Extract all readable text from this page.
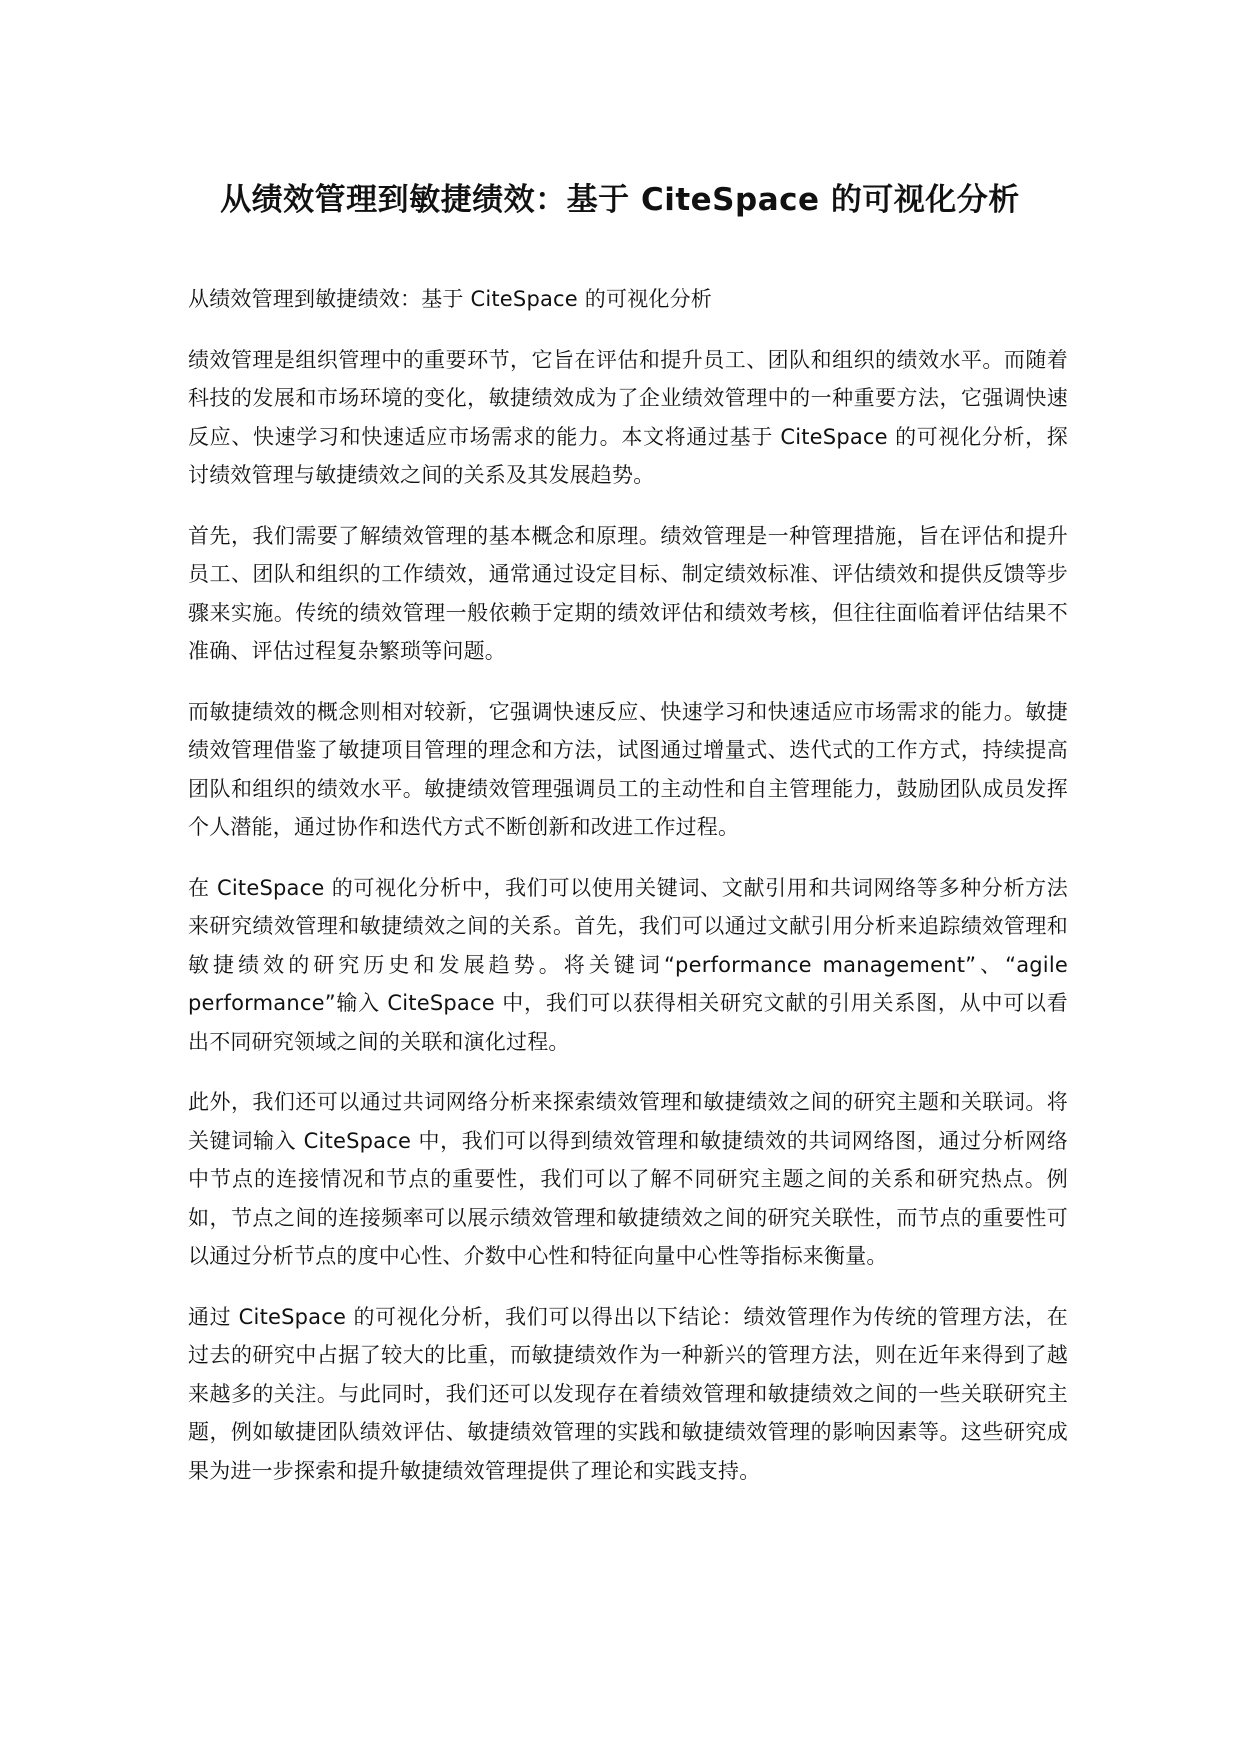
从绩效管理到敏捷绩效：基于 CiteSpace 的可视化分析

从绩效管理到敏捷绩效：基于 CiteSpace 的可视化分析

绩效管理是组织管理中的重要环节，它旨在评估和提升员工、团队和组织的绩效水平。而随着科技的发展和市场环境的变化，敏捷绩效成为了企业绩效管理中的一种重要方法，它强调快速反应、快速学习和快速适应市场需求的能力。本文将通过基于 CiteSpace 的可视化分析，探讨绩效管理与敏捷绩效之间的关系及其发展趋势。

首先，我们需要了解绩效管理的基本概念和原理。绩效管理是一种管理措施，旨在评估和提升员工、团队和组织的工作绩效，通常通过设定目标、制定绩效标准、评估绩效和提供反馈等步骤来实施。传统的绩效管理一般依赖于定期的绩效评估和绩效考核，但往往面临着评估结果不准确、评估过程复杂繁琐等问题。

而敏捷绩效的概念则相对较新，它强调快速反应、快速学习和快速适应市场需求的能力。敏捷绩效管理借鉴了敏捷项目管理的理念和方法，试图通过增量式、迭代式的工作方式，持续提高团队和组织的绩效水平。敏捷绩效管理强调员工的主动性和自主管理能力，鼓励团队成员发挥个人潜能，通过协作和迭代方式不断创新和改进工作过程。

在 CiteSpace 的可视化分析中，我们可以使用关键词、文献引用和共词网络等多种分析方法来研究绩效管理和敏捷绩效之间的关系。首先，我们可以通过文献引用分析来追踪绩效管理和敏捷绩效的研究历史和发展趋势。将关键词“performance management”、“agile performance”输入 CiteSpace 中，我们可以获得相关研究文献的引用关系图，从中可以看出不同研究领域之间的关联和演化过程。

此外，我们还可以通过共词网络分析来探索绩效管理和敏捷绩效之间的研究主题和关联词。将关键词输入 CiteSpace 中，我们可以得到绩效管理和敏捷绩效的共词网络图，通过分析网络中节点的连接情况和节点的重要性，我们可以了解不同研究主题之间的关系和研究热点。例如，节点之间的连接频率可以展示绩效管理和敏捷绩效之间的研究关联性，而节点的重要性可以通过分析节点的度中心性、介数中心性和特征向量中心性等指标来衡量。

通过 CiteSpace 的可视化分析，我们可以得出以下结论：绩效管理作为传统的管理方法，在过去的研究中占据了较大的比重，而敏捷绩效作为一种新兴的管理方法，则在近年来得到了越来越多的关注。与此同时，我们还可以发现存在着绩效管理和敏捷绩效之间的一些关联研究主题，例如敏捷团队绩效评估、敏捷绩效管理的实践和敏捷绩效管理的影响因素等。这些研究成果为进一步探索和提升敏捷绩效管理提供了理论和实践支持。
